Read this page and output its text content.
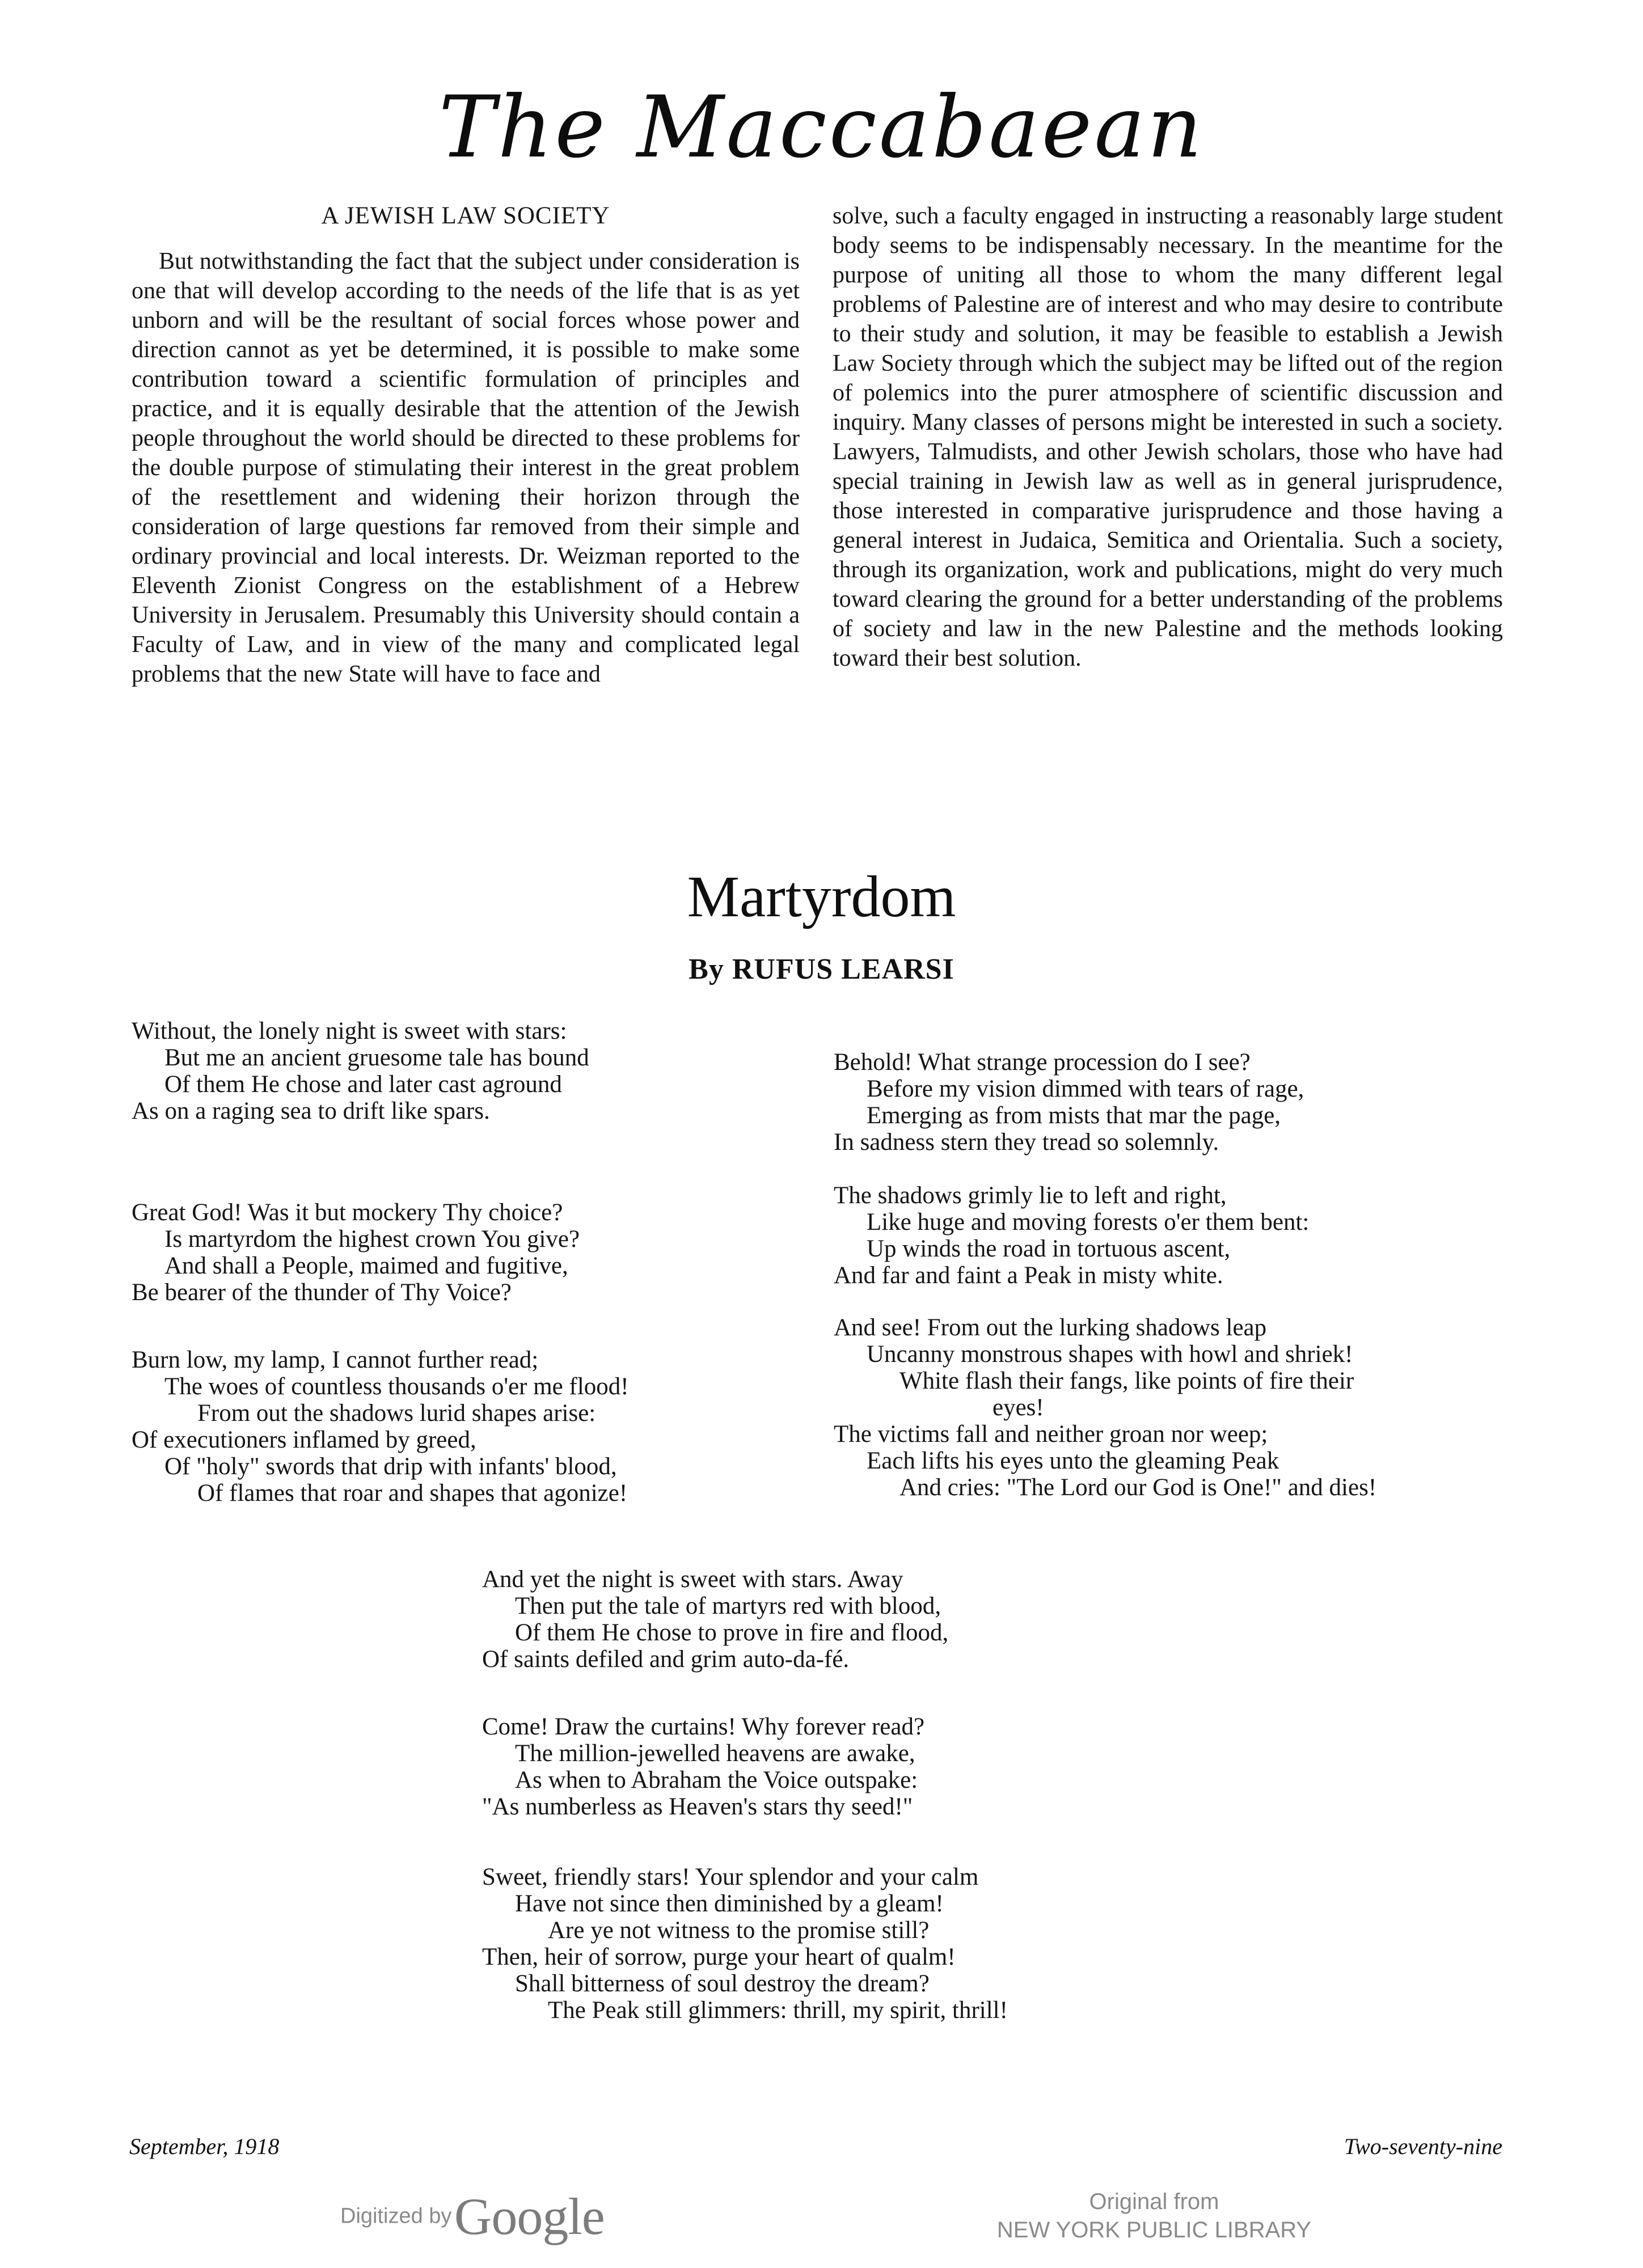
The Maccabaean
A JEWISH LAW SOCIETY

But notwithstanding the fact that the subject under consideration is one that will develop according to the needs of the life that is as yet unborn and will be the resultant of social forces whose power and direction cannot as yet be determined, it is possible to make some contribution toward a scientific formulation of principles and practice, and it is equally desirable that the attention of the Jewish people throughout the world should be directed to these problems for the double purpose of stimulating their interest in the great problem of the resettlement and widening their horizon through the consideration of large questions far removed from their simple and ordinary provincial and local interests. Dr. Weizman reported to the Eleventh Zionist Congress on the establishment of a Hebrew University in Jerusalem. Presumably this University should contain a Faculty of Law, and in view of the many and complicated legal problems that the new State will have to face and

solve, such a faculty engaged in instructing a reasonably large student body seems to be indispensably necessary. In the meantime for the purpose of uniting all those to whom the many different legal problems of Palestine are of interest and who may desire to contribute to their study and solution, it may be feasible to establish a Jewish Law Society through which the subject may be lifted out of the region of polemics into the purer atmosphere of scientific discussion and inquiry. Many classes of persons might be interested in such a society. Lawyers, Talmudists, and other Jewish scholars, those who have had special training in Jewish law as well as in general jurisprudence, those interested in comparative jurisprudence and those having a general interest in Judaica, Semitica and Orientalia. Such a society, through its organization, work and publications, might do very much toward clearing the ground for a better understanding of the problems of society and law in the new Palestine and the methods looking toward their best solution.

Martyrdom
By RUFUS LEARSI
Without, the lonely night is sweet with stars:
But me an ancient gruesome tale has bound
Of them He chose and later cast aground
As on a raging sea to drift like spars.
Great God! Was it but mockery Thy choice?
Is martyrdom the highest crown You give?
And shall a People, maimed and fugitive,
Be bearer of the thunder of Thy Voice?
Burn low, my lamp, I cannot further read;
The woes of countless thousands o'er me flood!
From out the shadows lurid shapes arise:
Of executioners inflamed by greed,
Of "holy" swords that drip with infants' blood,
Of flames that roar and shapes that agonize!
Behold! What strange procession do I see?
Before my vision dimmed with tears of rage,
Emerging as from mists that mar the page,
In sadness stern they tread so solemnly.
The shadows grimly lie to left and right,
Like huge and moving forests o'er them bent:
Up winds the road in tortuous ascent,
And far and faint a Peak in misty white.
And see! From out the lurking shadows leap
Uncanny monstrous shapes with howl and shriek!
White flash their fangs, like points of fire their
eyes!
The victims fall and neither groan nor weep;
Each lifts his eyes unto the gleaming Peak
And cries: "The Lord our God is One!" and dies!
And yet the night is sweet with stars. Away
Then put the tale of martyrs red with blood,
Of them He chose to prove in fire and flood,
Of saints defiled and grim auto-da-fé.
Come! Draw the curtains! Why forever read?
The million-jewelled heavens are awake,
As when to Abraham the Voice outspake:
"As numberless as Heaven's stars thy seed!"
Sweet, friendly stars! Your splendor and your calm
Have not since then diminished by a gleam!
Are ye not witness to the promise still?
Then, heir of sorrow, purge your heart of qualm!
Shall bitterness of soul destroy the dream?
The Peak still glimmers: thrill, my spirit, thrill!
September, 1918	Two-seventy-nine
Digitized by Google	Original from
NEW YORK PUBLIC LIBRARY
